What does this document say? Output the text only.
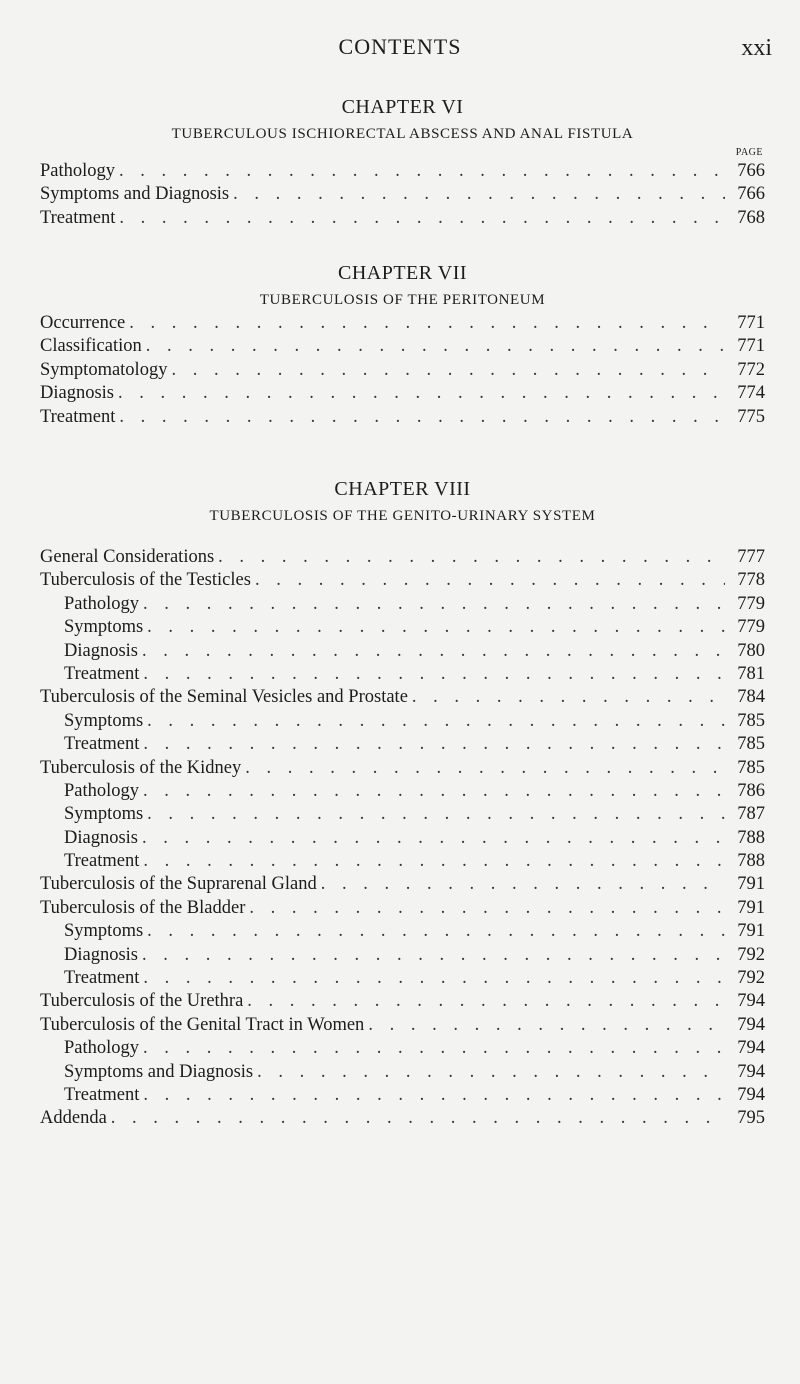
CONTENTS	xxi
CHAPTER VI
TUBERCULOUS ISCHIORECTAL ABSCESS AND ANAL FISTULA
PAGE
Pathology . . .	766
Symptoms and Diagnosis . . .	766
Treatment . . .	768
CHAPTER VII
TUBERCULOSIS OF THE PERITONEUM
Occurrence . . .	771
Classification . . .	771
Symptomatology . . .	772
Diagnosis . . .	774
Treatment . . .	775
CHAPTER VIII
TUBERCULOSIS OF THE GENITO-URINARY SYSTEM
General Considerations . . .	777
Tuberculosis of the Testicles . . .	778
Pathology . . .	779
Symptoms . . .	779
Diagnosis . . .	780
Treatment . . .	781
Tuberculosis of the Seminal Vesicles and Prostate . . .	784
Symptoms . . .	785
Treatment . . .	785
Tuberculosis of the Kidney . . .	785
Pathology . . .	786
Symptoms . . .	787
Diagnosis . . .	788
Treatment . . .	788
Tuberculosis of the Suprarenal Gland . . .	791
Tuberculosis of the Bladder . . .	791
Symptoms . . .	791
Diagnosis . . .	792
Treatment . . .	792
Tuberculosis of the Urethra . . .	794
Tuberculosis of the Genital Tract in Women . . .	794
Pathology . . .	794
Symptoms and Diagnosis . . .	794
Treatment . . .	794
Addenda . . .	795
